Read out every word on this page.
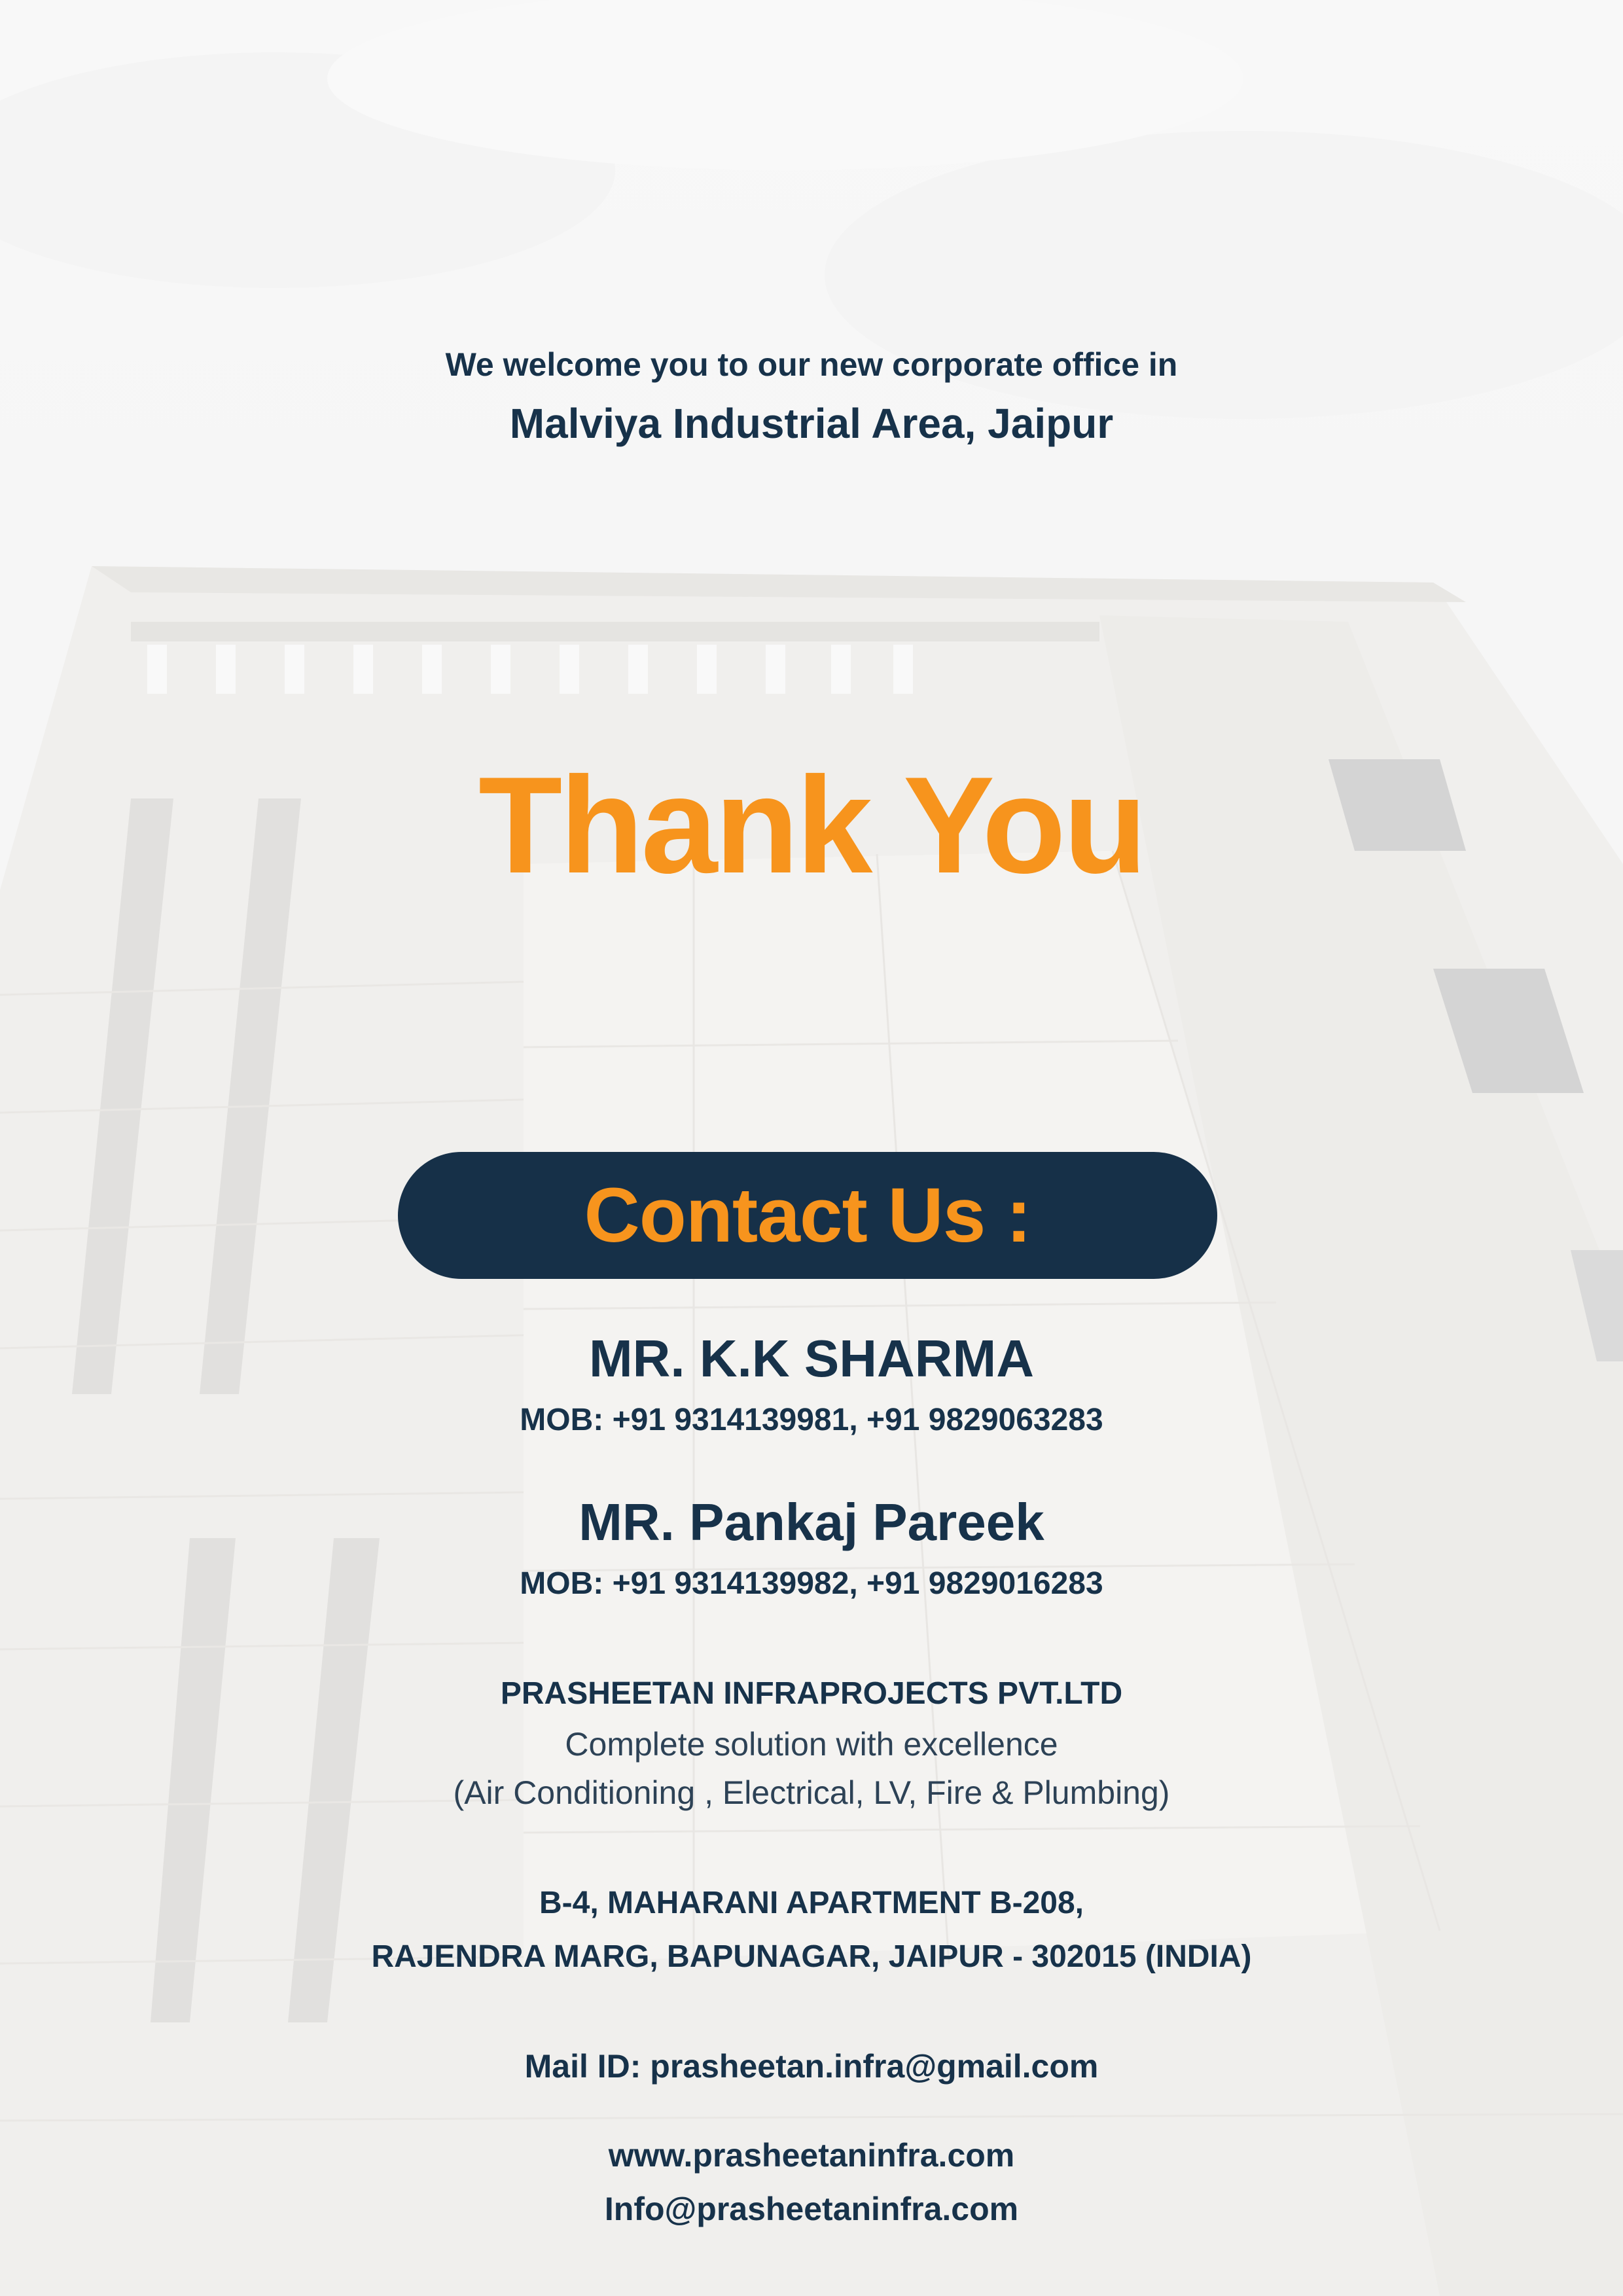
We welcome you to our new corporate office in
Malviya Industrial Area, Jaipur
Thank You
Contact Us :
MR. K.K SHARMA
MOB: +91 9314139981, +91 9829063283
MR. Pankaj Pareek
MOB: +91 9314139982, +91 9829016283
PRASHEETAN INFRAPROJECTS PVT.LTD
Complete solution with excellence
(Air Conditioning , Electrical, LV, Fire & Plumbing)
B-4, MAHARANI APARTMENT B-208,
RAJENDRA MARG, BAPUNAGAR, JAIPUR - 302015 (INDIA)
Mail ID: prasheetan.infra@gmail.com
www.prasheetaninfra.com
Info@prasheetaninfra.com
